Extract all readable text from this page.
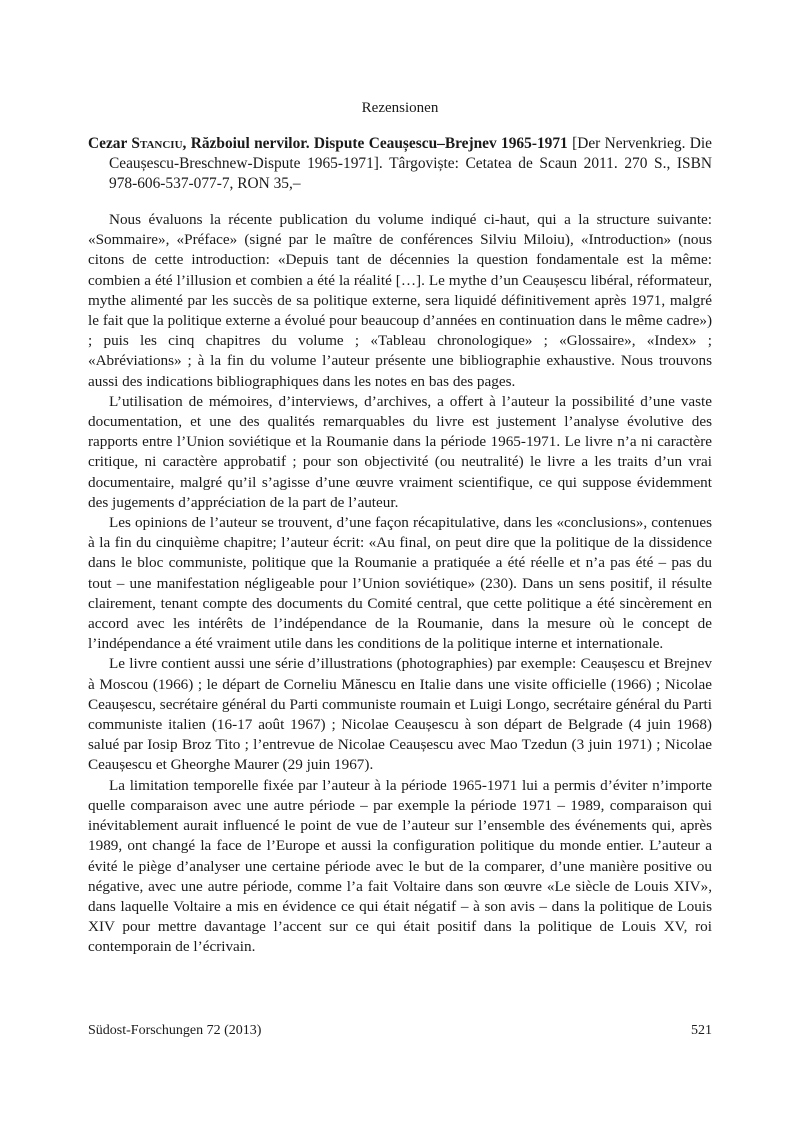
Rezensionen
Cezar Stanciu, Războiul nervilor. Dispute Ceaușescu–Brejnev 1965-1971 [Der Nervenkrieg. Die Ceaușescu-Breschnew-Dispute 1965-1971]. Târgoviște: Cetatea de Scaun 2011. 270 S., ISBN 978-606-537-077-7, RON 35,–

Nous évaluons la récente publication du volume indiqué ci-haut, qui a la structure suivante: «Sommaire», «Préface» (signé par le maître de conférences Silviu Miloiu), «Introduction» (nous citons de cette introduction: «Depuis tant de décennies la question fondamentale est la même: combien a été l’illusion et combien a été la réalité […]. Le mythe d’un Ceaușescu libéral, réformateur, mythe alimenté par les succès de sa politique externe, sera liquidé définitivement après 1971, malgré le fait que la politique externe a évolué pour beaucoup d’années en continuation dans le même cadre») ; puis les cinq chapitres du volume ; «Tableau chronologique» ; «Glossaire», «Index» ; «Abréviations» ; à la fin du volume l’auteur présente une bibliographie exhaustive. Nous trouvons aussi des indications bibliographiques dans les notes en bas des pages.

L’utilisation de mémoires, d’interviews, d’archives, a offert à l’auteur la possibilité d’une vaste documentation, et une des qualités remarquables du livre est justement l’analyse évolutive des rapports entre l’Union soviétique et la Roumanie dans la période 1965-1971. Le livre n’a ni caractère critique, ni caractère approbatif ; pour son objectivité (ou neutralité) le livre a les traits d’un vrai documentaire, malgré qu’il s’agisse d’une œuvre vraiment scientifique, ce qui suppose évidemment des jugements d’appréciation de la part de l’auteur.

Les opinions de l’auteur se trouvent, d’une façon récapitulative, dans les «conclusions», contenues à la fin du cinquième chapitre; l’auteur écrit: «Au final, on peut dire que la politique de la dissidence dans le bloc communiste, politique que la Roumanie a pratiquée a été réelle et n’a pas été – pas du tout – une manifestation négligeable pour l’Union soviétique» (230). Dans un sens positif, il résulte clairement, tenant compte des documents du Comité central, que cette politique a été sincèrement en accord avec les intérêts de l’indépendance de la Roumanie, dans la mesure où le concept de l’indépendance a été vraiment utile dans les conditions de la politique interne et internationale.

Le livre contient aussi une série d’illustrations (photographies) par exemple: Ceaușescu et Brejnev à Moscou (1966) ; le départ de Corneliu Mănescu en Italie dans une visite officielle (1966) ; Nicolae Ceaușescu, secrétaire général du Parti communiste roumain et Luigi Longo, secrétaire général du Parti communiste italien (16-17 août 1967) ; Nicolae Ceaușescu à son départ de Belgrade (4 juin 1968) salué par Iosip Broz Tito ; l’entrevue de Nicolae Ceaușescu avec Mao Tzedun (3 juin 1971) ; Nicolae Ceaușescu et Gheorghe Maurer (29 juin 1967).

La limitation temporelle fixée par l’auteur à la période 1965-1971 lui a permis d’éviter n’importe quelle comparaison avec une autre période – par exemple la période 1971 – 1989, comparaison qui inévitablement aurait influencé le point de vue de l’auteur sur l’ensemble des événements qui, après 1989, ont changé la face de l’Europe et aussi la configuration politique du monde entier. L’auteur a évité le piège d’analyser une certaine période avec le but de la comparer, d’une manière positive ou négative, avec une autre période, comme l’a fait Voltaire dans son œuvre «Le siècle de Louis XIV», dans laquelle Voltaire a mis en évidence ce qui était négatif – à son avis – dans la politique de Louis XIV pour mettre davantage l’accent sur ce qui était positif dans la politique de Louis XV, roi contemporain de l’écrivain.

Südost-Forschungen 72 (2013)	521
